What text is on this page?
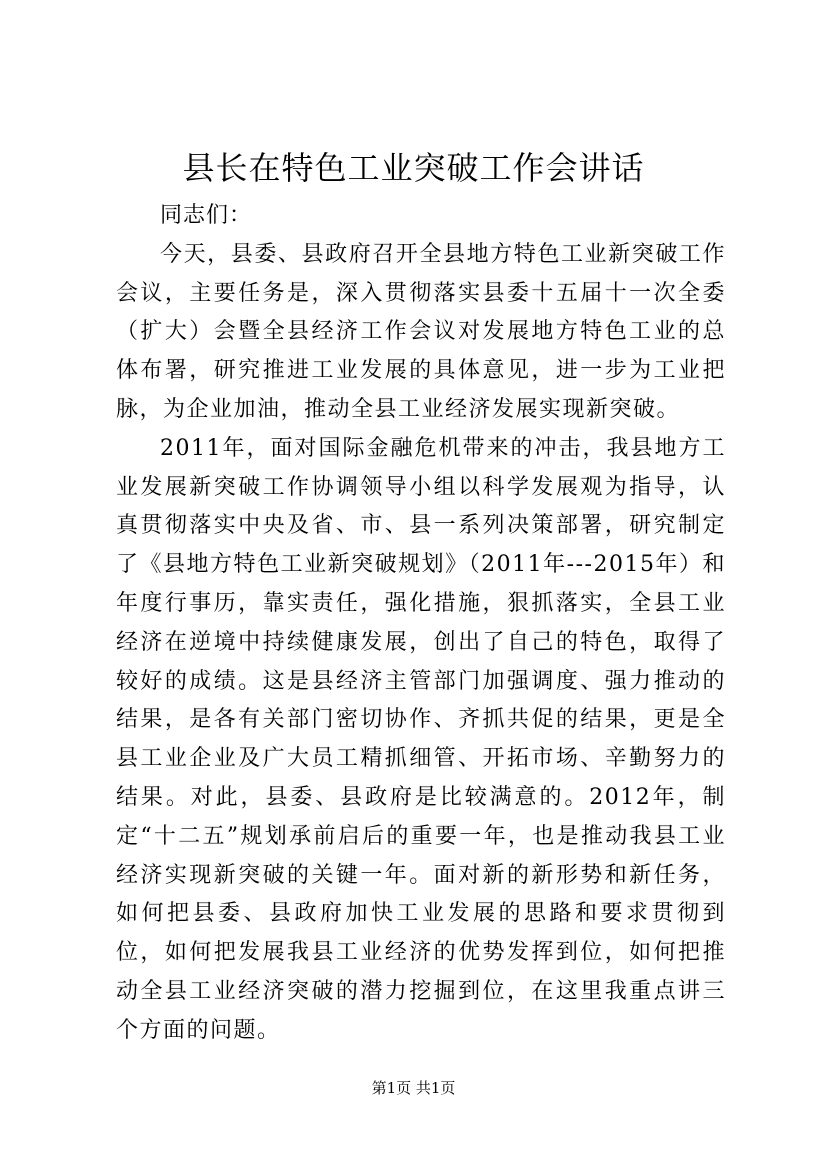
县长在特色工业突破工作会讲话

同志们：

今天，县委、县政府召开全县地方特色工业新突破工作会议，主要任务是，深入贯彻落实县委十五届十一次全委（扩大）会暨全县经济工作会议对发展地方特色工业的总体布署，研究推进工业发展的具体意见，进一步为工业把脉，为企业加油，推动全县工业经济发展实现新突破。

2011年，面对国际金融危机带来的冲击，我县地方工业发展新突破工作协调领导小组以科学发展观为指导，认真贯彻落实中央及省、市、县一系列决策部署，研究制定了《县地方特色工业新突破规划》（2011年---2015年）和年度行事历，靠实责任，强化措施，狠抓落实，全县工业经济在逆境中持续健康发展，创出了自己的特色，取得了较好的成绩。这是县经济主管部门加强调度、强力推动的结果，是各有关部门密切协作、齐抓共促的结果，更是全县工业企业及广大员工精抓细管、开拓市场、辛勤努力的结果。对此，县委、县政府是比较满意的。2012年，制定“十二五”规划承前启后的重要一年，也是推动我县工业经济实现新突破的关键一年。面对新的新形势和新任务，如何把县委、县政府加快工业发展的思路和要求贯彻到位，如何把发展我县工业经济的优势发挥到位，如何把推动全县工业经济突破的潜力挖掘到位，在这里我重点讲三个方面的问题。

第1页 共1页
